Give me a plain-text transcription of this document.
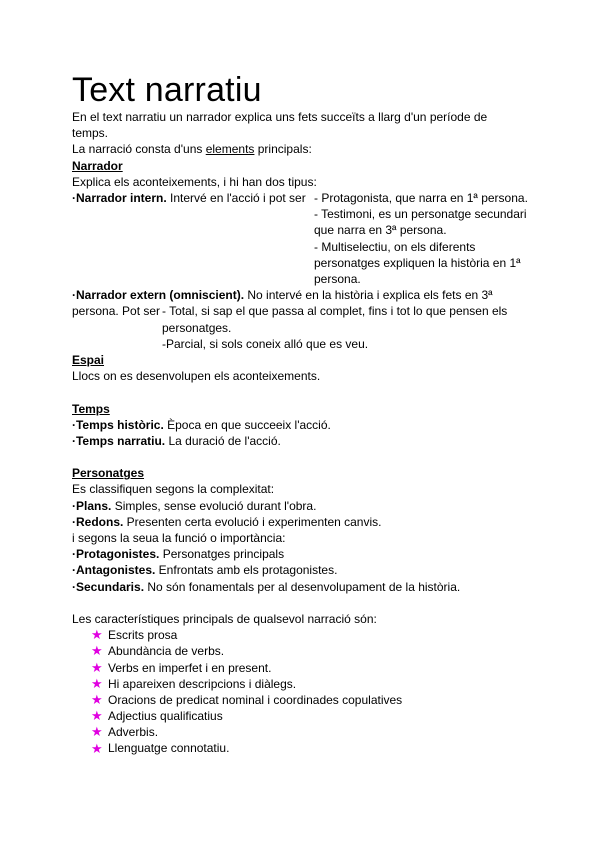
Text narratiu
En el text narratiu un narrador explica uns fets succeïts a llarg d'un període de
temps.
La narració consta d'uns elements principals:
Narrador
Explica els aconteixements, i hi han dos tipus:
·Narrador intern. Intervé en l'acció i pot ser - Protagonista, que narra en 1ª persona.
- Testimoni, es un personatge secundari que narra en 3ª persona.
- Multiselectiu, on els diferents personatges expliquen la història en 1ª persona.
·Narrador extern (omniscient). No intervé en la història i explica els fets en 3ª
persona. Pot ser - Total, si sap el que passa al complet, fins i tot lo que pensen els personatges.
-Parcial, si sols coneix alló que es veu.
Espai
Llocs on es desenvolupen els aconteixements.
Temps
·Temps històric. Època en que succeeix l'acció.
·Temps narratiu. La duració de l'acció.
Personatges
Es classifiquen segons la complexitat:
·Plans. Simples, sense evolució durant l'obra.
·Redons. Presenten certa evolució i experimenten canvis.
i segons la seua la funció o importància:
·Protagonistes. Personatges principals
·Antagonistes. Enfrontats amb els protagonistes.
·Secundaris. No són fonamentals per al desenvolupament de la història.
Les característiques principals de qualsevol narració són:
★ Escrits prosa
★ Abundància de verbs.
★ Verbs en imperfet i en present.
★ Hi apareixen descripcions i diàlegs.
★ Oracions de predicat nominal i coordinades copulatives
★ Adjectius qualificatius
★ Adverbis.
★ Llenguatge connotatiu.
